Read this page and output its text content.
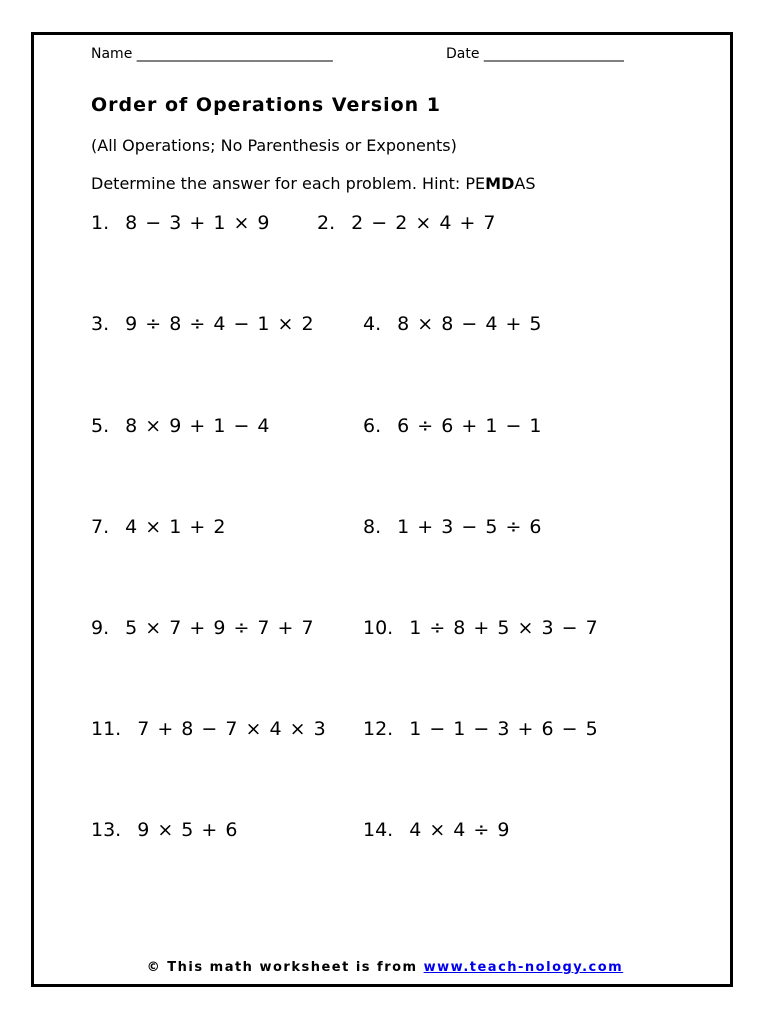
Name ____________________________	Date ____________________
Order of Operations Version 1
(All Operations; No Parenthesis or Exponents)
Determine the answer for each problem. Hint: PEMDAS
1. 8 − 3 + 1 × 9 2. 2 − 2 × 4 + 7
3. 9 ÷ 8 ÷ 4 − 1 × 2	4. 8 × 8 − 4 + 5
5. 8 × 9 + 1 − 4	6. 6 ÷ 6 + 1 − 1
7. 4 × 1 + 2	8. 1 + 3 − 5 ÷ 6
9. 5 × 7 + 9 ÷ 7 + 7	10. 1 ÷ 8 + 5 × 3 − 7
11. 7 + 8 − 7 × 4 × 3 12. 1 − 1 − 3 + 6 − 5
13. 9 × 5 + 6	14. 4 × 4 ÷ 9
© This math worksheet is from www.teach-nology.com
